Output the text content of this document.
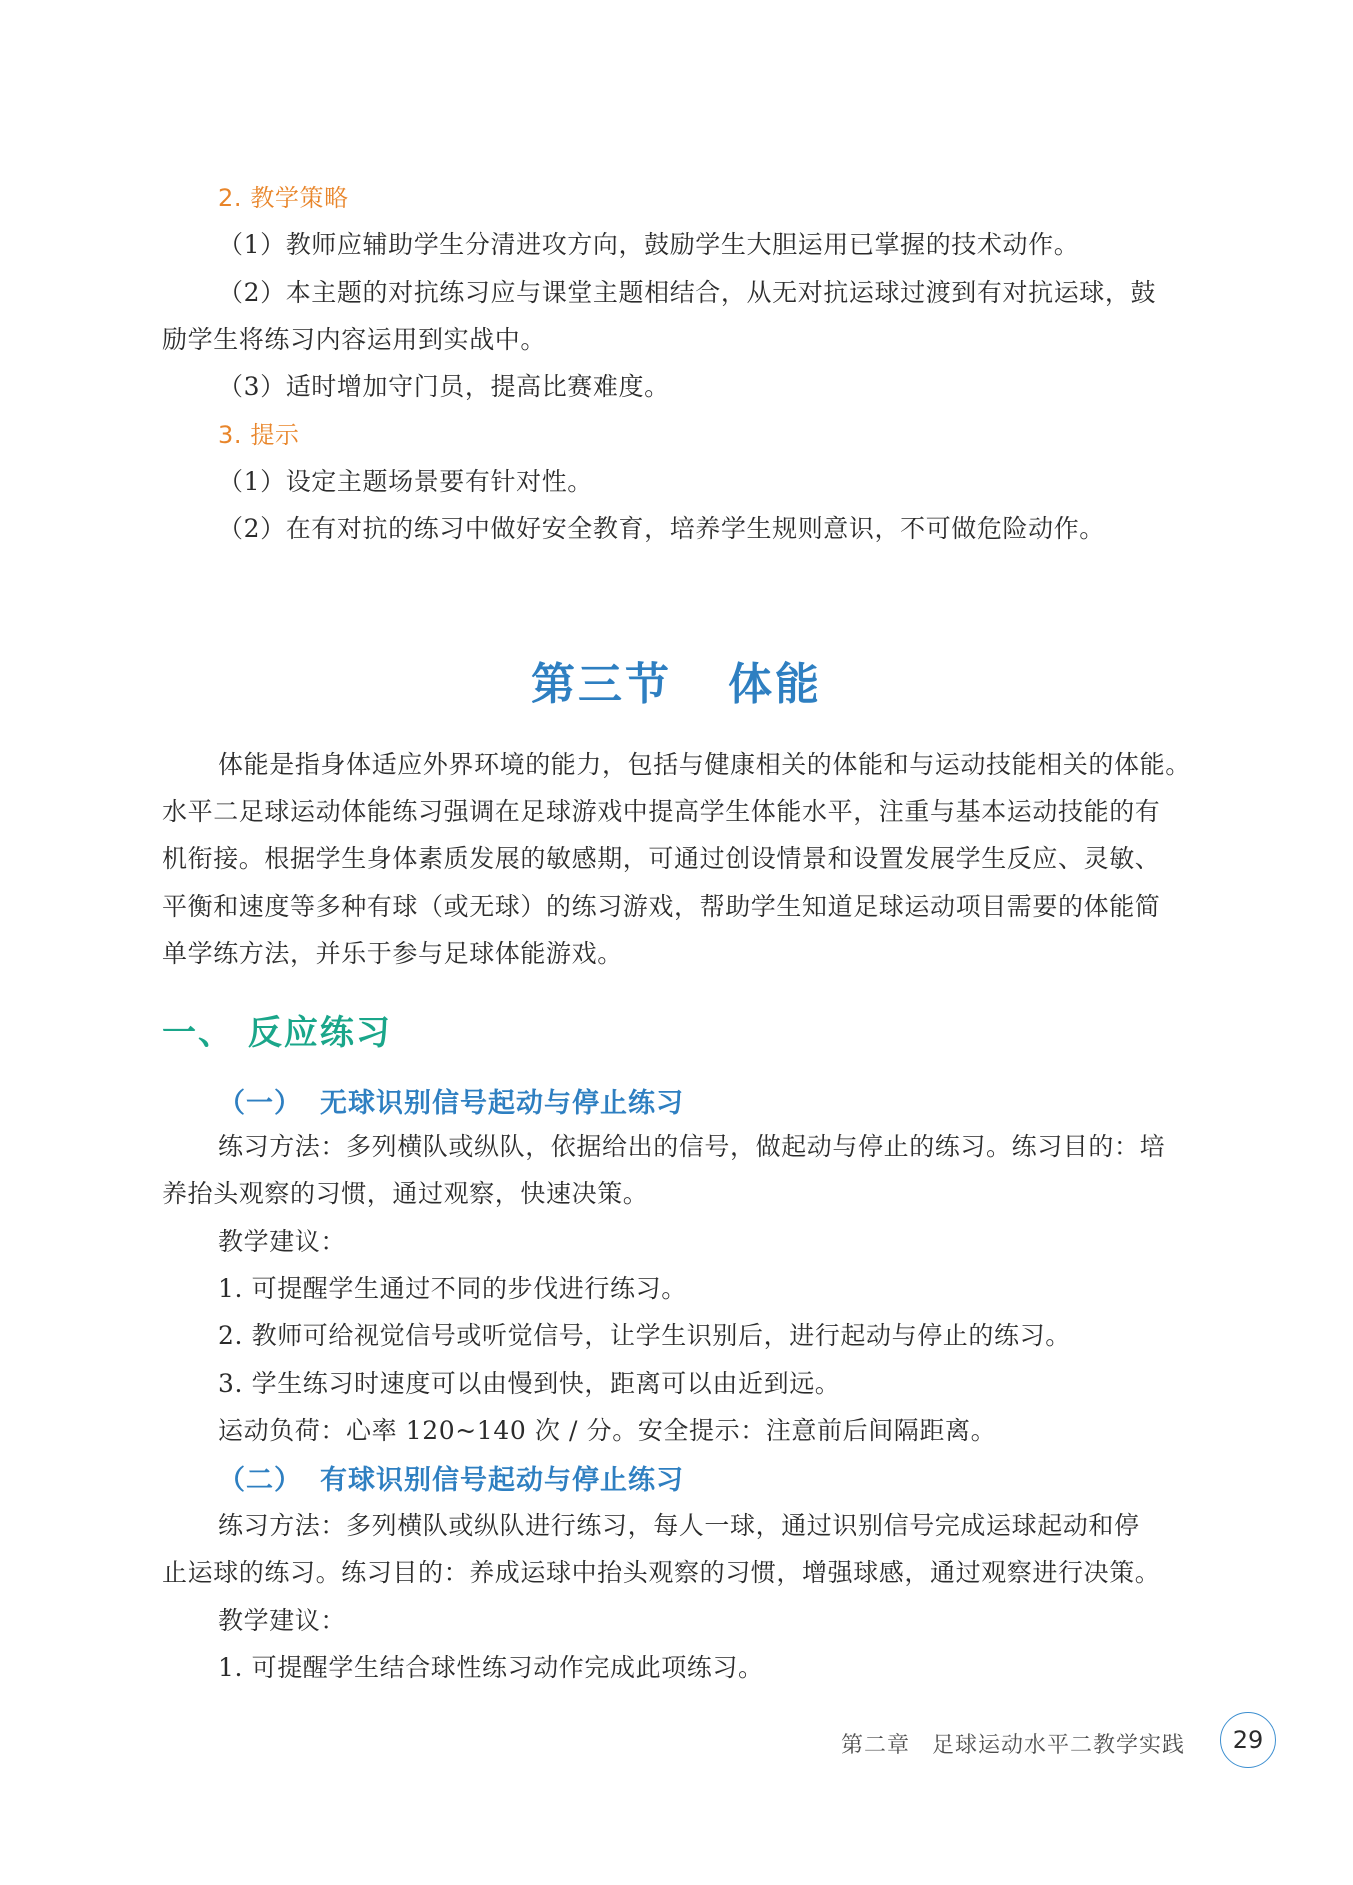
2. 教学策略
（1）教师应辅助学生分清进攻方向，鼓励学生大胆运用已掌握的技术动作。
（2）本主题的对抗练习应与课堂主题相结合，从无对抗运球过渡到有对抗运球，鼓
励学生将练习内容运用到实战中。
（3）适时增加守门员，提高比赛难度。
3. 提示
（1）设定主题场景要有针对性。
（2）在有对抗的练习中做好安全教育，培养学生规则意识，不可做危险动作。
第三节 体能
体能是指身体适应外界环境的能力，包括与健康相关的体能和与运动技能相关的体能。
水平二足球运动体能练习强调在足球游戏中提高学生体能水平，注重与基本运动技能的有
机衔接。根据学生身体素质发展的敏感期，可通过创设情景和设置发展学生反应、灵敏、
平衡和速度等多种有球（或无球）的练习游戏，帮助学生知道足球运动项目需要的体能简
单学练方法，并乐于参与足球体能游戏。
一、 反应练习
（一） 无球识别信号起动与停止练习
练习方法：多列横队或纵队，依据给出的信号，做起动与停止的练习。练习目的：培
养抬头观察的习惯，通过观察，快速决策。
教学建议：
1. 可提醒学生通过不同的步伐进行练习。
2. 教师可给视觉信号或听觉信号，让学生识别后，进行起动与停止的练习。
3. 学生练习时速度可以由慢到快，距离可以由近到远。
运动负荷：心率 120~140 次 / 分。安全提示：注意前后间隔距离。
（二） 有球识别信号起动与停止练习
练习方法：多列横队或纵队进行练习，每人一球，通过识别信号完成运球起动和停
止运球的练习。练习目的：养成运球中抬头观察的习惯，增强球感，通过观察进行决策。
教学建议：
1. 可提醒学生结合球性练习动作完成此项练习。
第二章 足球运动水平二教学实践	29
